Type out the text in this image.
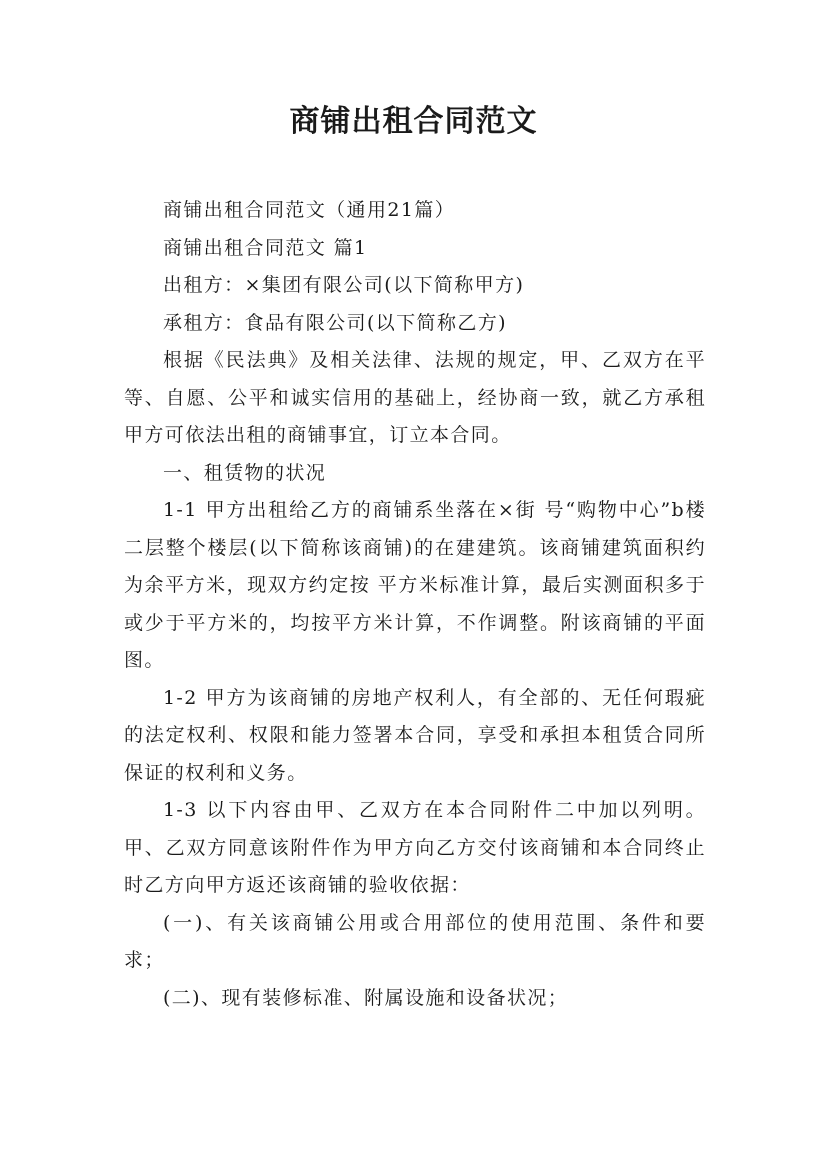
商铺出租合同范文

商铺出租合同范文（通用21篇）

商铺出租合同范文 篇1

出租方：×集团有限公司(以下简称甲方)

承租方：食品有限公司(以下简称乙方)

根据《民法典》及相关法律、法规的规定，甲、乙双方在平等、自愿、公平和诚实信用的基础上，经协商一致，就乙方承租甲方可依法出租的商铺事宜，订立本合同。

一、租赁物的状况

1-1 甲方出租给乙方的商铺系坐落在×街 号“购物中心”b楼二层整个楼层(以下简称该商铺)的在建建筑。该商铺建筑面积约为余平方米，现双方约定按 平方米标准计算，最后实测面积多于或少于平方米的，均按平方米计算，不作调整。附该商铺的平面图。

1-2 甲方为该商铺的房地产权利人，有全部的、无任何瑕疵的法定权利、权限和能力签署本合同，享受和承担本租赁合同所保证的权利和义务。

1-3 以下内容由甲、乙双方在本合同附件二中加以列明。甲、乙双方同意该附件作为甲方向乙方交付该商铺和本合同终止时乙方向甲方返还该商铺的验收依据：

(一)、有关该商铺公用或合用部位的使用范围、条件和要求；

(二)、现有装修标准、附属设施和设备状况；
